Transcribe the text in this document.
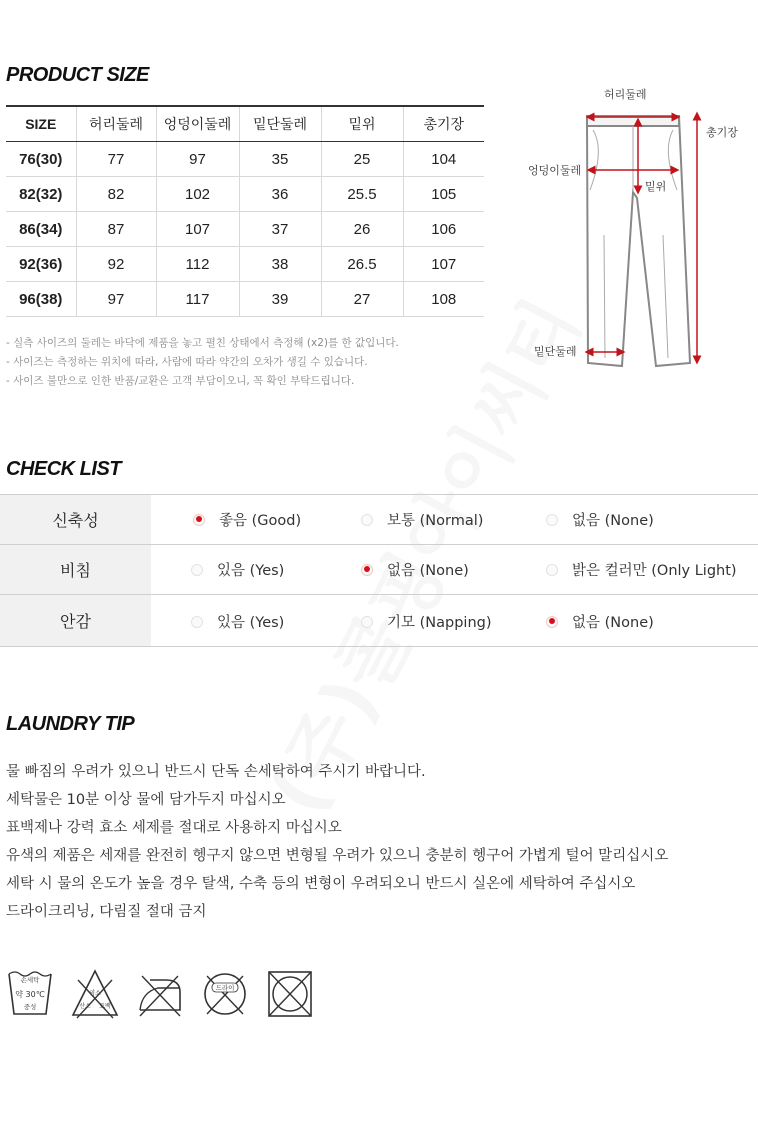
PRODUCT SIZE
SIZE	허리둘레	엉덩이둘레	밑단둘레	밑위	총기장
76(30)	77	97	35	25	104
82(32)	82	102	36	25.5	105
86(34)	87	107	37	26	106
92(36)	92	112	38	26.5	107
96(38)	97	117	39	27	108
- 실측 사이즈의 둘레는 바닥에 제품을 놓고 펼친 상태에서 측정해 (x2)를 한 값입니다.
- 사이즈는 측정하는 위치에 따라, 사람에 따라 약간의 오차가 생길 수 있습니다.
- 사이즈 불만으로 인한 반품/교환은 고객 부담이오니, 꼭 확인 부탁드립니다.
허리둘레
엉덩이둘레
밑위
총기장
밑단둘레
CHECK LIST
신축성	좋음 (Good)	보통 (Normal)	없음 (None)
비침	있음 (Yes)	없음 (None)	밝은 컬러만 (Only Light)
안감	있음 (Yes)	기모 (Napping)	없음 (None)
LAUNDRY TIP
물 빠짐의 우려가 있으니 반드시 단독 손세탁하여 주시기 바랍니다.
세탁물은 10분 이상 물에 담가두지 마십시오
표백제나 강력 효소 세제를 절대로 사용하지 마십시오
유색의 제품은 세재를 완전히 헹구지 않으면 변형될 우려가 있으니 충분히 헹구어 가볍게 털어 말리십시오
세탁 시 물의 온도가 높을 경우 탈색, 수축 등의 변형이 우려되오니 반드시 실온에 세탁하여 주십시오
드라이크리닝, 다림질 절대 금지
손세탁
약 30℃
중성
염소
산소 표백
드라이
